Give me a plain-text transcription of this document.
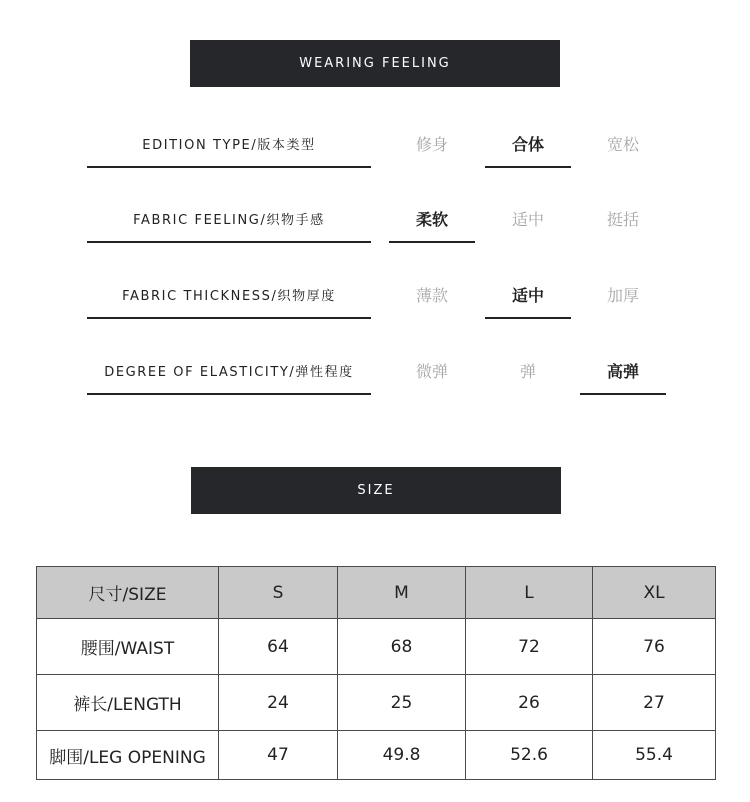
WEARING FEELING
EDITION TYPE/版本类型	修身	合体	宽松
FABRIC FEELING/织物手感	柔软	适中	挺括
FABRIC THICKNESS/织物厚度	薄款	适中	加厚
DEGREE OF ELASTICITY/弹性程度	微弹	弹	高弹
SIZE
尺寸/SIZE	S	M	L	XL
腰围/WAIST	64	68	72	76
裤长/LENGTH	24	25	26	27
脚围/LEG OPENING	47	49.8	52.6	55.4
